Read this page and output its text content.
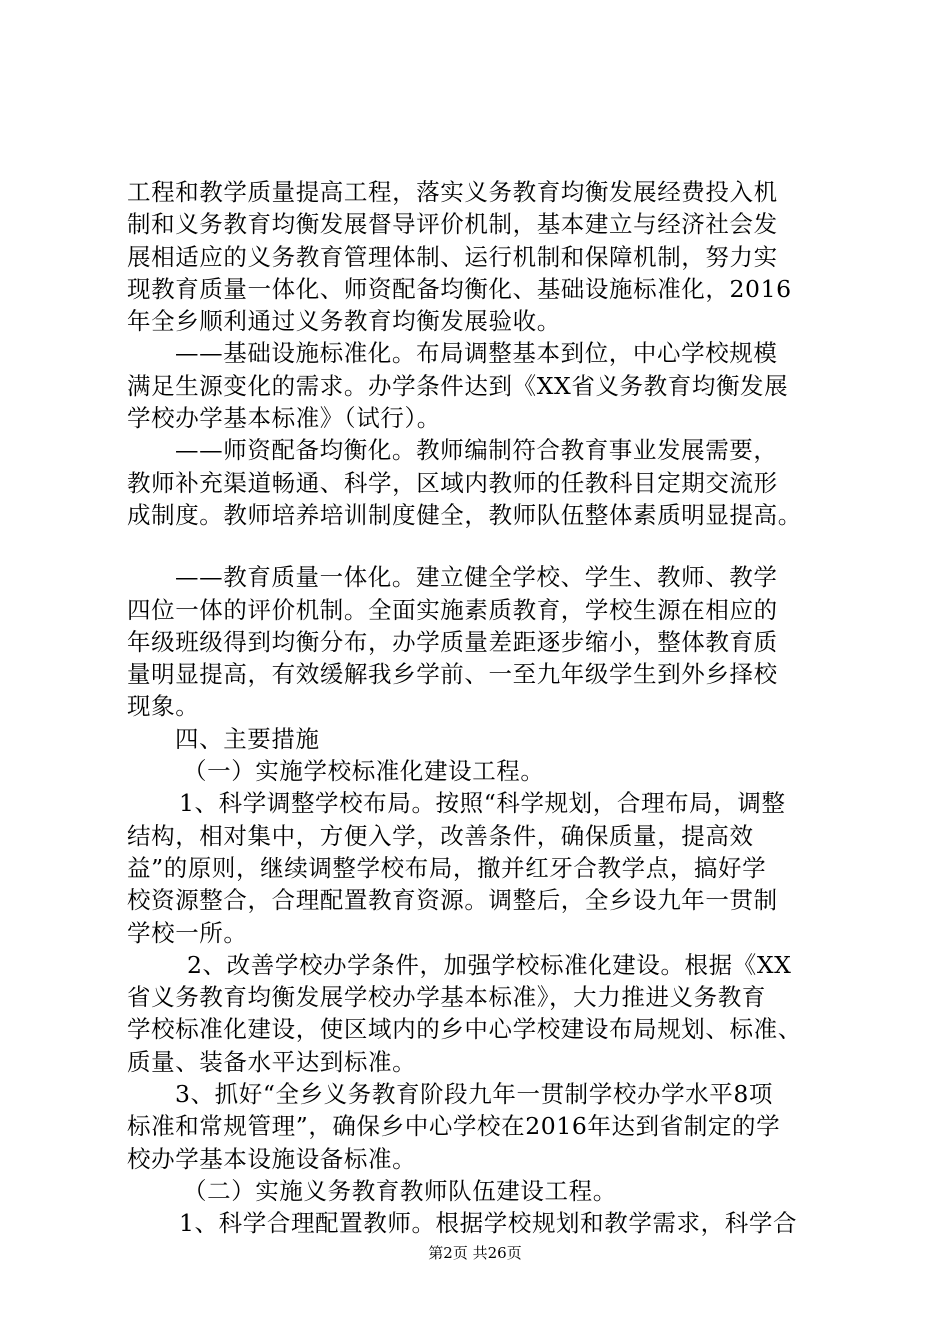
工程和教学质量提高工程，落实义务教育均衡发展经费投入机
制和义务教育均衡发展督导评价机制，基本建立与经济社会发
展相适应的义务教育管理体制、运行机制和保障机制，努力实
现教育质量一体化、师资配备均衡化、基础设施标准化，2016
年全乡顺利通过义务教育均衡发展验收。

——基础设施标准化。布局调整基本到位，中心学校规模
满足生源变化的需求。办学条件达到《XX省义务教育均衡发展
学校办学基本标准》（试行）。

——师资配备均衡化。教师编制符合教育事业发展需要，
教师补充渠道畅通、科学，区域内教师的任教科目定期交流形
成制度。教师培养培训制度健全，教师队伍整体素质明显提高。

——教育质量一体化。建立健全学校、学生、教师、教学
四位一体的评价机制。全面实施素质教育，学校生源在相应的
年级班级得到均衡分布，办学质量差距逐步缩小，整体教育质
量明显提高，有效缓解我乡学前、一至九年级学生到外乡择校
现象。

四、主要措施

（一）实施学校标准化建设工程。

1、科学调整学校布局。按照“科学规划，合理布局，调整
结构，相对集中，方便入学，改善条件，确保质量，提高效
益”的原则，继续调整学校布局，撤并红牙合教学点，搞好学
校资源整合，合理配置教育资源。调整后，全乡设九年一贯制
学校一所。

2、改善学校办学条件，加强学校标准化建设。根据《XX
省义务教育均衡发展学校办学基本标准》，大力推进义务教育
学校标准化建设，使区域内的乡中心学校建设布局规划、标准、
质量、装备水平达到标准。

3、抓好“全乡义务教育阶段九年一贯制学校办学水平8项
标准和常规管理”，确保乡中心学校在2016年达到省制定的学
校办学基本设施设备标准。

（二）实施义务教育教师队伍建设工程。

1、科学合理配置教师。根据学校规划和教学需求，科学合

第2页 共26页
